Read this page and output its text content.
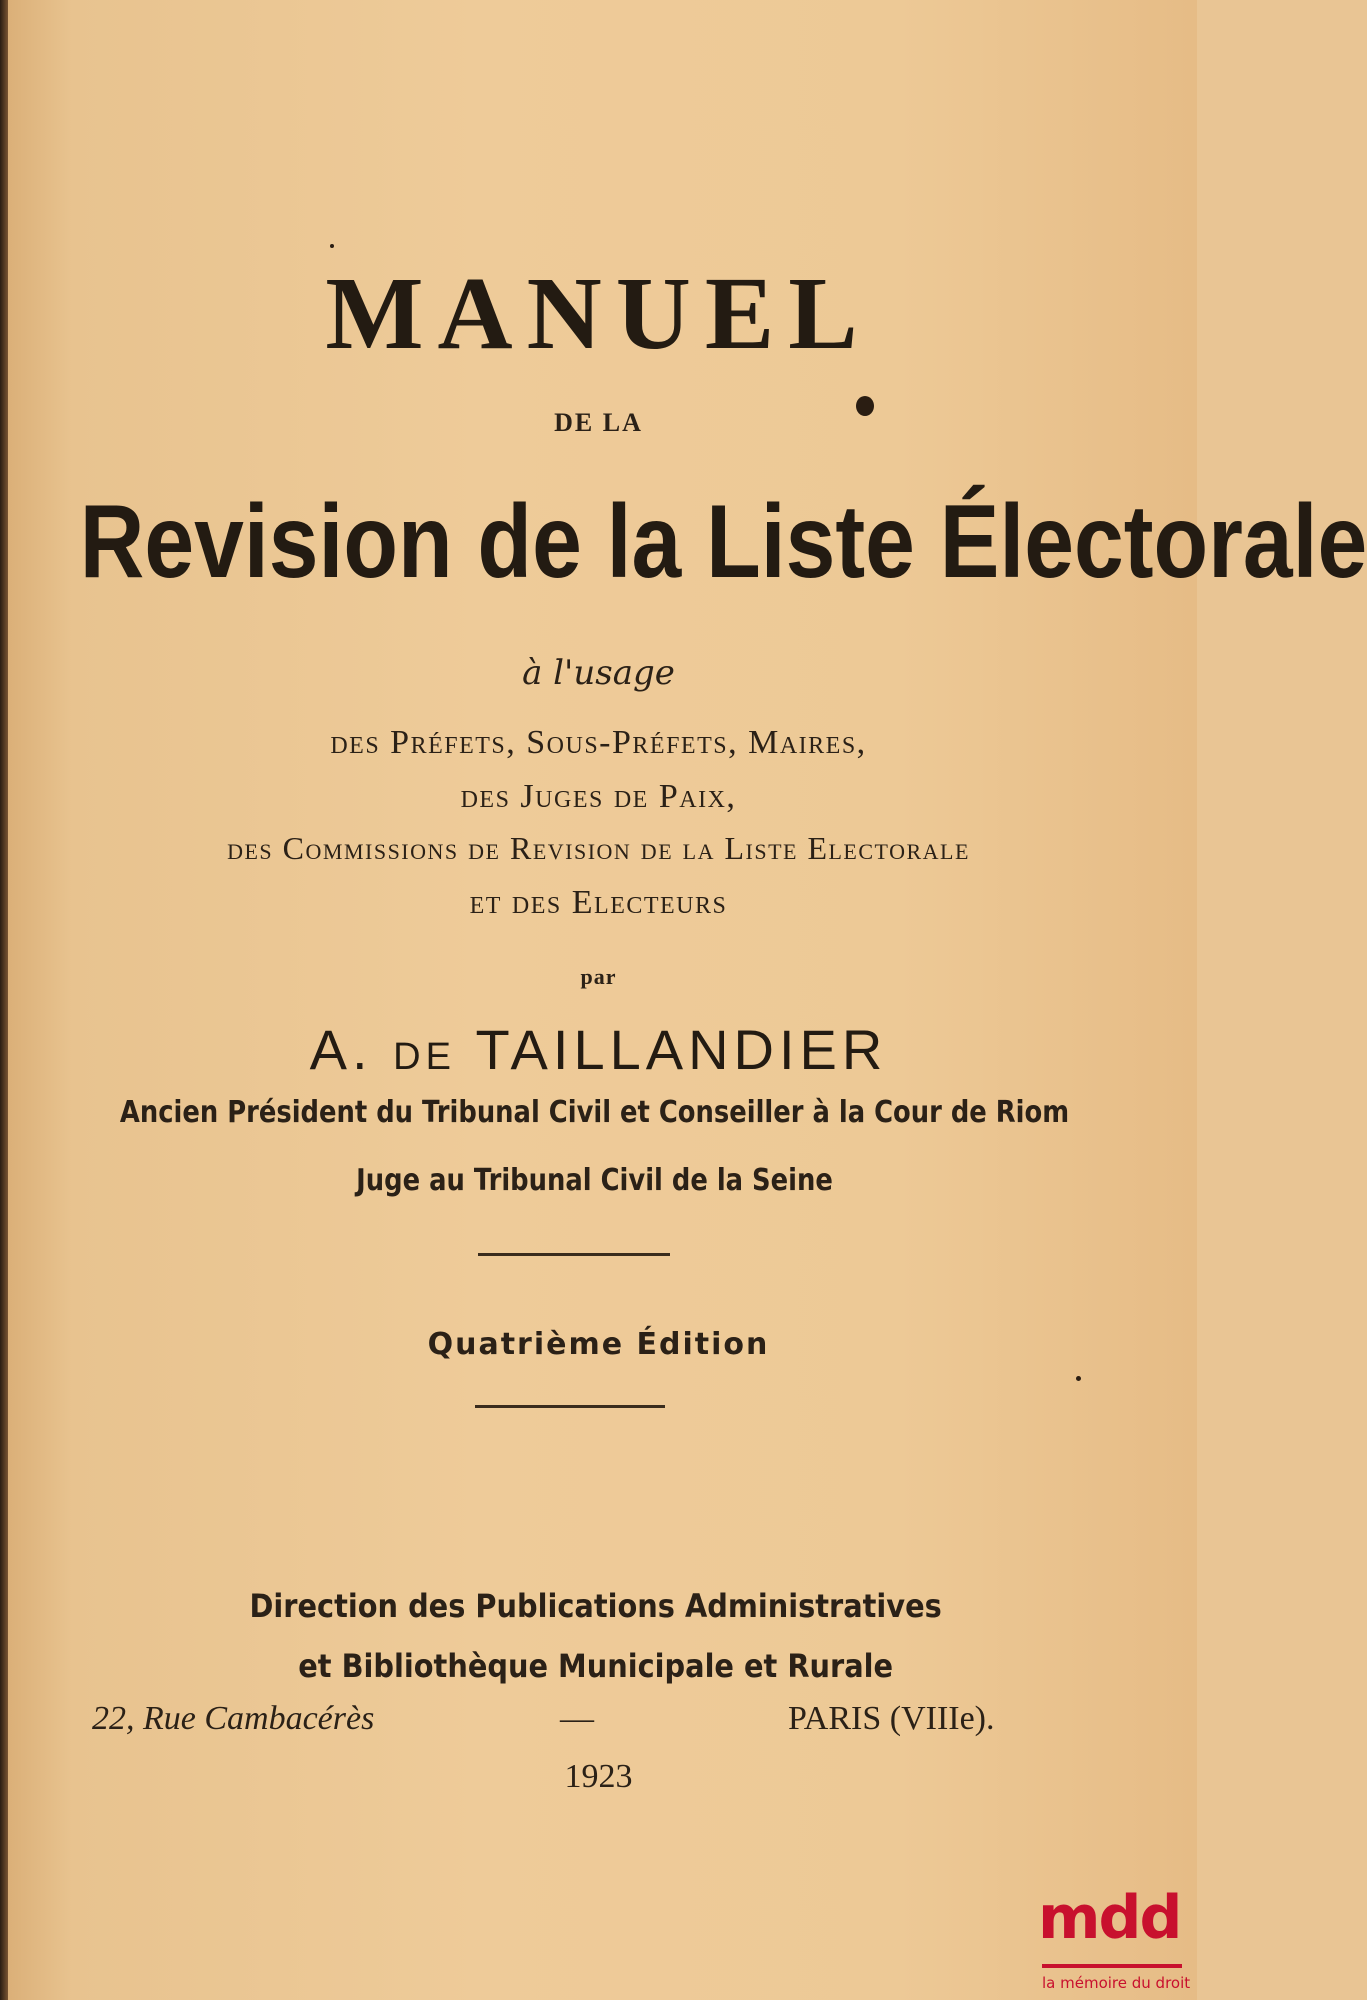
MANUEL
DE LA
Revision de la Liste Électorale
à l'usage
des Préfets, Sous-Préfets, Maires,
des Juges de Paix,
des Commissions de Revision de la Liste Electorale
et des Electeurs
par
A. DE TAILLANDIER
Ancien Président du Tribunal Civil et Conseiller à la Cour de Riom
Juge au Tribunal Civil de la Seine
Quatrième Édition
Direction des Publications Administratives
et Bibliothèque Municipale et Rurale
22, Rue Cambacérès	—	PARIS (VIIIe).
1923
mdd
la mémoire du droit
